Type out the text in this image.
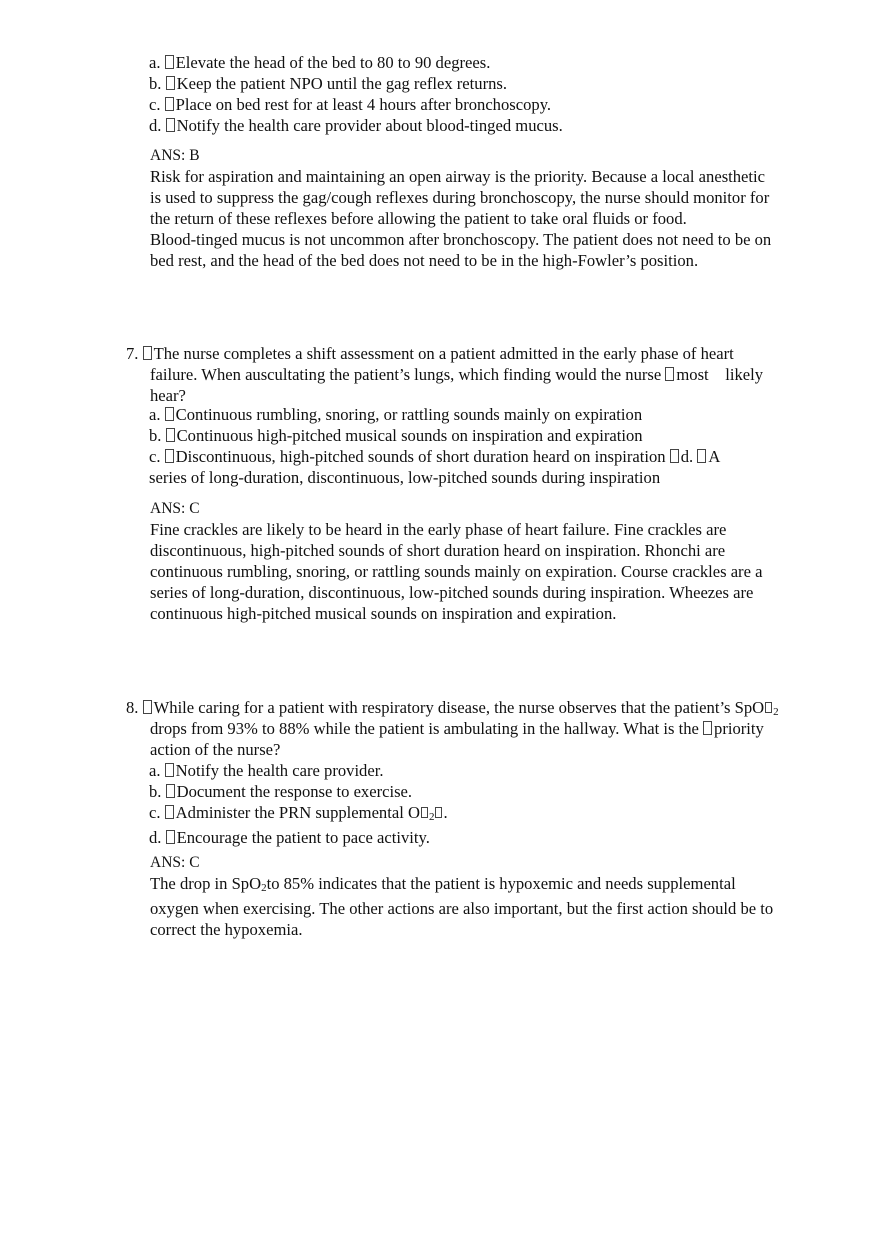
a. Elevate the head of the bed to 80 to 90 degrees.
b. Keep the patient NPO until the gag reflex returns.
c. Place on bed rest for at least 4 hours after bronchoscopy.
d. Notify the health care provider about blood-tinged mucus.
ANS: B
Risk for aspiration and maintaining an open airway is the priority. Because a local anesthetic
is used to suppress the gag/cough reflexes during bronchoscopy, the nurse should monitor for
the return of these reflexes before allowing the patient to take oral fluids or food.
Blood-tinged mucus is not uncommon after bronchoscopy. The patient does not need to be on
bed rest, and the head of the bed does not need to be in the high-Fowler’s position.
7. The nurse completes a shift assessment on a patient admitted in the early phase of heart
failure. When auscultating the patient’s lungs, which finding would the nurse most likely
hear?
a. Continuous rumbling, snoring, or rattling sounds mainly on expiration
b. Continuous high-pitched musical sounds on inspiration and expiration
c. Discontinuous, high-pitched sounds of short duration heard on inspiration d. A
series of long-duration, discontinuous, low-pitched sounds during inspiration
ANS: C
Fine crackles are likely to be heard in the early phase of heart failure. Fine crackles are
discontinuous, high-pitched sounds of short duration heard on inspiration. Rhonchi are
continuous rumbling, snoring, or rattling sounds mainly on expiration. Course crackles are a
series of long-duration, discontinuous, low-pitched sounds during inspiration. Wheezes are
continuous high-pitched musical sounds on inspiration and expiration.
8. While caring for a patient with respiratory disease, the nurse observes that the patient’s SpO 2
drops from 93% to 88% while the patient is ambulating in the hallway. What is the priority
action of the nurse?
a. Notify the health care provider.
b. Document the response to exercise.
c. Administer the PRN supplemental O 2 .
d. Encourage the patient to pace activity.
ANS: C
The drop in SpO2to 85% indicates that the patient is hypoxemic and needs supplemental
oxygen when exercising. The other actions are also important, but the first action should be to
correct the hypoxemia.
